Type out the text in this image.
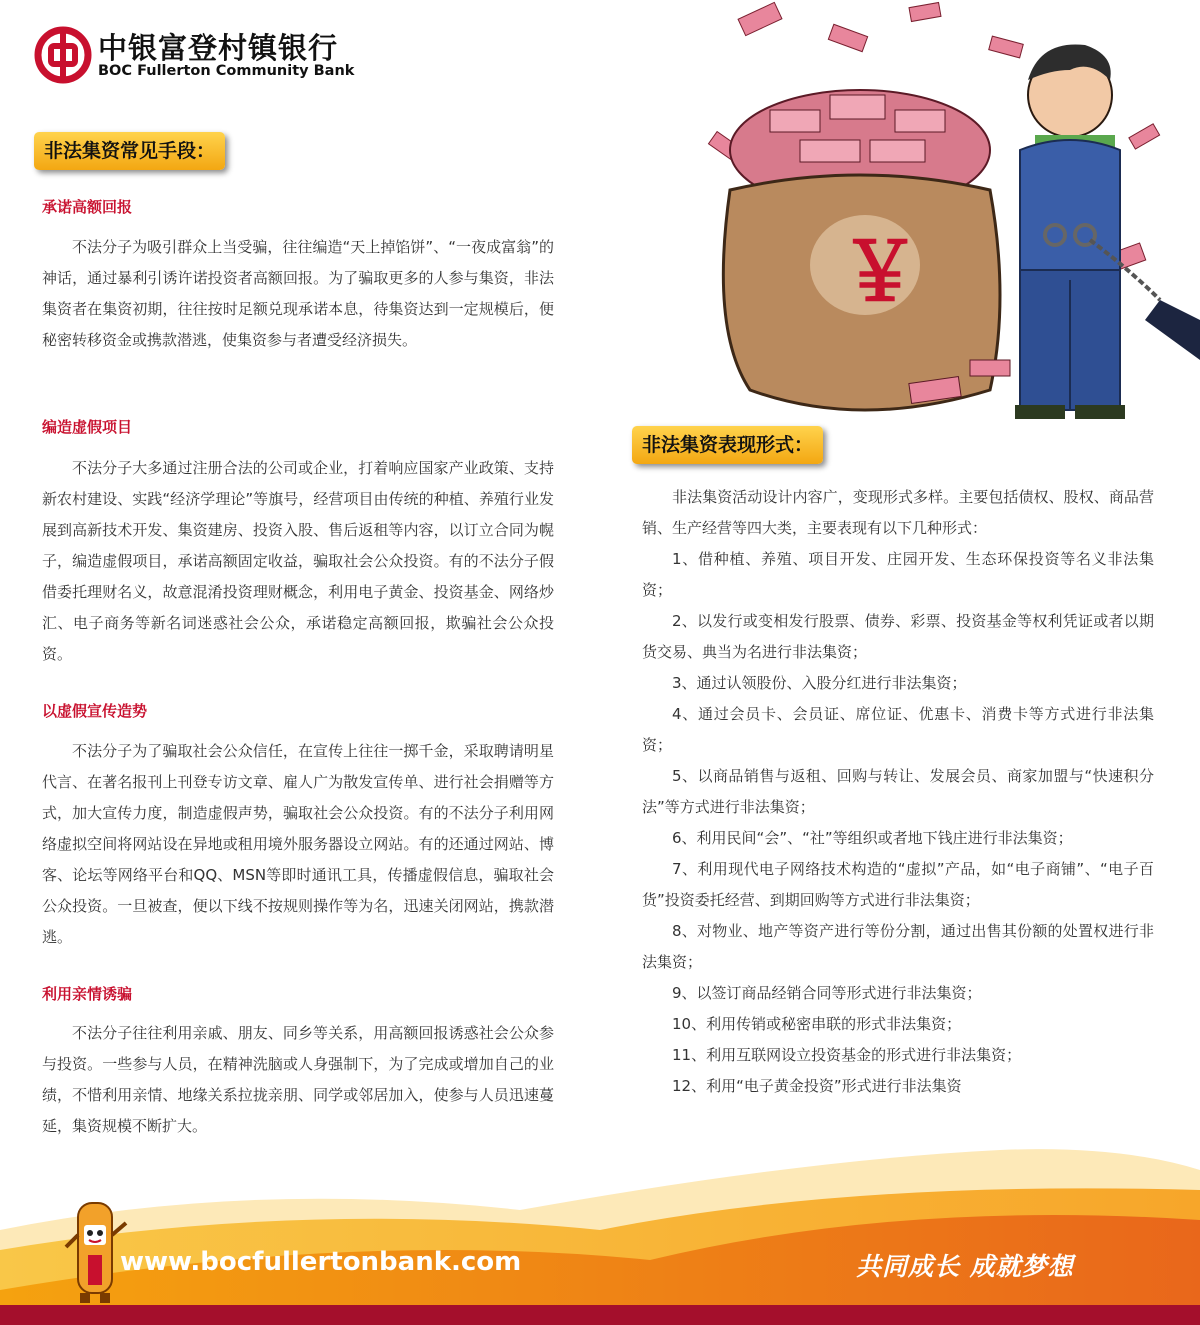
中银富登村镇银行
BOC Fullerton Community Bank
￥
非法集资常见手段：
承诺高额回报

不法分子为吸引群众上当受骗，往往编造“天上掉馅饼”、“一夜成富翁”的神话，通过暴利引诱许诺投资者高额回报。为了骗取更多的人参与集资，非法集资者在集资初期，往往按时足额兑现承诺本息，待集资达到一定规模后，便秘密转移资金或携款潜逃，使集资参与者遭受经济损失。

编造虚假项目

不法分子大多通过注册合法的公司或企业，打着响应国家产业政策、支持新农村建设、实践“经济学理论”等旗号，经营项目由传统的种植、养殖行业发展到高新技术开发、集资建房、投资入股、售后返租等内容，以订立合同为幌子，编造虚假项目，承诺高额固定收益，骗取社会公众投资。有的不法分子假借委托理财名义，故意混淆投资理财概念，利用电子黄金、投资基金、网络炒汇、电子商务等新名词迷惑社会公众，承诺稳定高额回报，欺骗社会公众投资。

以虚假宣传造势

不法分子为了骗取社会公众信任，在宣传上往往一掷千金，采取聘请明星代言、在著名报刊上刊登专访文章、雇人广为散发宣传单、进行社会捐赠等方式，加大宣传力度，制造虚假声势，骗取社会公众投资。有的不法分子利用网络虚拟空间将网站设在异地或租用境外服务器设立网站。有的还通过网站、博客、论坛等网络平台和QQ、MSN等即时通讯工具，传播虚假信息，骗取社会公众投资。一旦被查，便以下线不按规则操作等为名，迅速关闭网站，携款潜逃。

利用亲情诱骗

不法分子往往利用亲戚、朋友、同乡等关系，用高额回报诱惑社会公众参与投资。一些参与人员，在精神洗脑或人身强制下，为了完成或增加自己的业绩，不惜利用亲情、地缘关系拉拢亲朋、同学或邻居加入，使参与人员迅速蔓延，集资规模不断扩大。

非法集资表现形式：

非法集资活动设计内容广，变现形式多样。主要包括债权、股权、商品营销、生产经营等四大类，主要表现有以下几种形式：

1、借种植、养殖、项目开发、庄园开发、生态环保投资等名义非法集资；

2、以发行或变相发行股票、债券、彩票、投资基金等权利凭证或者以期货交易、典当为名进行非法集资；

3、通过认领股份、入股分红进行非法集资；

4、通过会员卡、会员证、席位证、优惠卡、消费卡等方式进行非法集资；

5、以商品销售与返租、回购与转让、发展会员、商家加盟与“快速积分法”等方式进行非法集资；

6、利用民间“会”、“社”等组织或者地下钱庄进行非法集资；

7、利用现代电子网络技术构造的“虚拟”产品，如“电子商铺”、“电子百货”投资委托经营、到期回购等方式进行非法集资；

8、对物业、地产等资产进行等份分割，通过出售其份额的处置权进行非法集资；

9、以签订商品经销合同等形式进行非法集资；

10、利用传销或秘密串联的形式非法集资；

11、利用互联网设立投资基金的形式进行非法集资；

12、利用“电子黄金投资”形式进行非法集资

www.bocfullertonbank.com	共同成长 成就梦想
